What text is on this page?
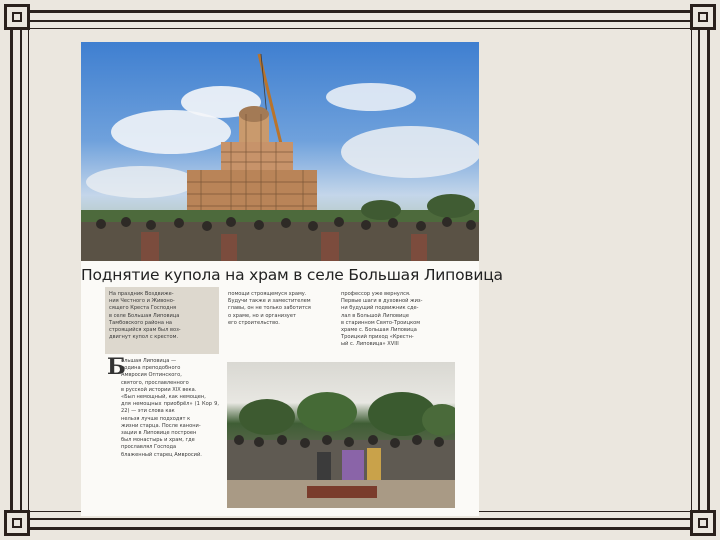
Поднятие купола на храм в селе Большая Липовица
На праздник Воздвиже-
ния Честного и Живоно-
сящего Креста Господня
в селе Большая Липовица
Тамбовского района на
строящийся храм был воз-
двигнут купол с крестом.
помощи строящемуся храму.
Будучи также и заместителем
главы, он не только заботится
о храме, но и организует
его строительство.
профессор уже вернулся.
Первые шаги в духовной жиз-
ни будущий подвижник сде-
лал в Большой Липовице
в старинном Свято-Троицком
храме с. Большая Липовица
Троицкий приход «Крестн-
ый с. Липовица» XVIII
Б
ольшая Липовица —
родина преподобного
Амвросия Оптинского,
святого, прославленного
в русской истории XIX века.
«Был немощный, как немощен,
для немощных приобрёл» (1 Кор 9, 22) — эти слова как
нельзя лучше подходят к
жизни старца. После канони-
зации в Липовице построен
был монастырь и храм, где
прославлял Господа
блаженный старец Амвросий.
